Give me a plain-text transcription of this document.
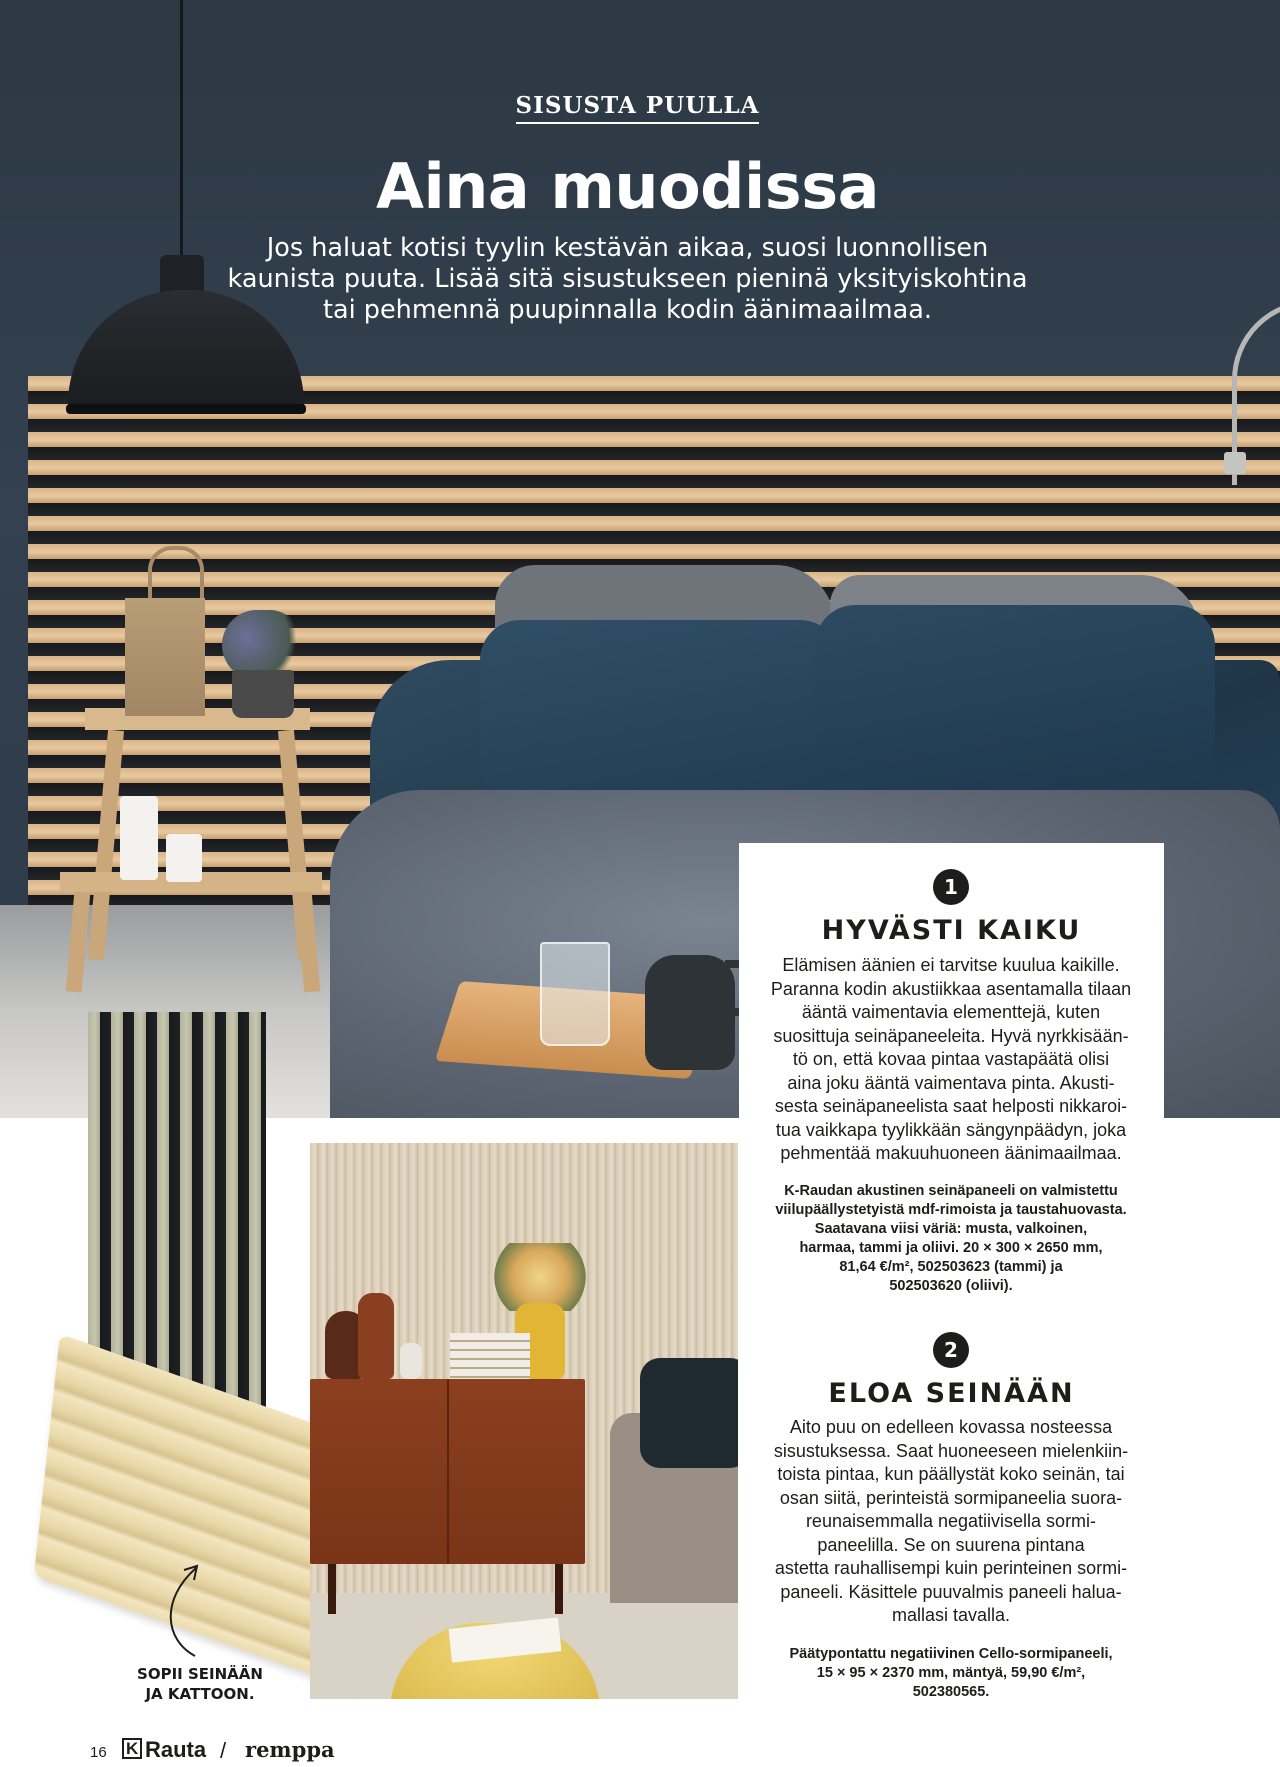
SISUSTA PUULLA
Aina muodissa
Jos haluat kotisi tyylin kestävän aikaa, suosi luonnollisen
kaunista puuta. Lisää sitä sisustukseen pieninä yksityiskohtina
tai pehmennä puupinnalla kodin äänimaailmaa.
SOPII SEINÄÄN
JA KATTOON.
1
HYVÄSTI KAIKU
Elämisen äänien ei tarvitse kuulua kaikille.
Paranna kodin akustiikkaa asentamalla tilaan
ääntä vaimentavia elementtejä, kuten
suosittuja seinäpaneeleita. Hyvä nyrkkisään-
tö on, että kovaa pintaa vastapäätä olisi
aina joku ääntä vaimentava pinta. Akusti-
sesta seinäpaneelista saat helposti nikkaroi-
tua vaikkapa tyylikkään sängynpäädyn, joka
pehmentää makuuhuoneen äänimaailmaa.
K-Raudan akustinen seinäpaneeli on valmistettu
viilupäällystetyistä mdf-rimoista ja taustahuovasta.
Saatavana viisi väriä: musta, valkoinen,
harmaa, tammi ja oliivi. 20 × 300 × 2650 mm,
81,64 €/m², 502503623 (tammi) ja
502503620 (oliivi).
2
ELOA SEINÄÄN
Aito puu on edelleen kovassa nosteessa
sisustuksessa. Saat huoneeseen mielenkiin-
toista pintaa, kun päällystät koko seinän, tai
osan siitä, perinteistä sormipaneelia suora-
reunaisemmalla negatiivisella sormi-
paneelilla. Se on suurena pintana
astetta rauhallisempi kuin perinteinen sormi-
paneeli. Käsittele puuvalmis paneeli halua-
mallasi tavalla.
Päätypontattu negatiivinen Cello-sormipaneeli,
15 × 95 × 2370 mm, mäntyä, 59,90 €/m²,
502380565.
16 K Rauta / remppa
